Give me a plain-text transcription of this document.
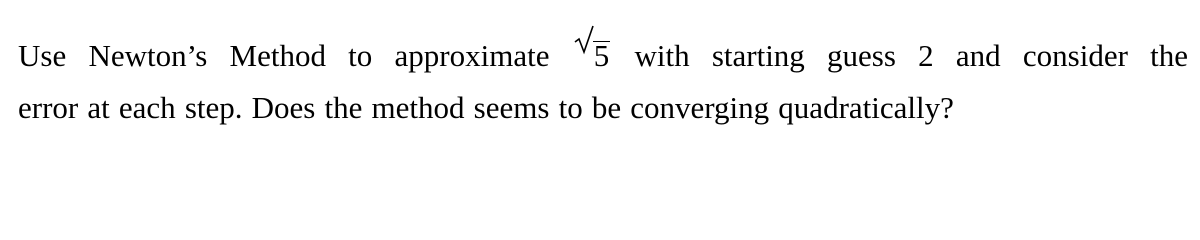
Use Newton’s Method to approximate 5 with starting guess 2 and consider the
error at each step. Does the method seems to be converging quadratically?
